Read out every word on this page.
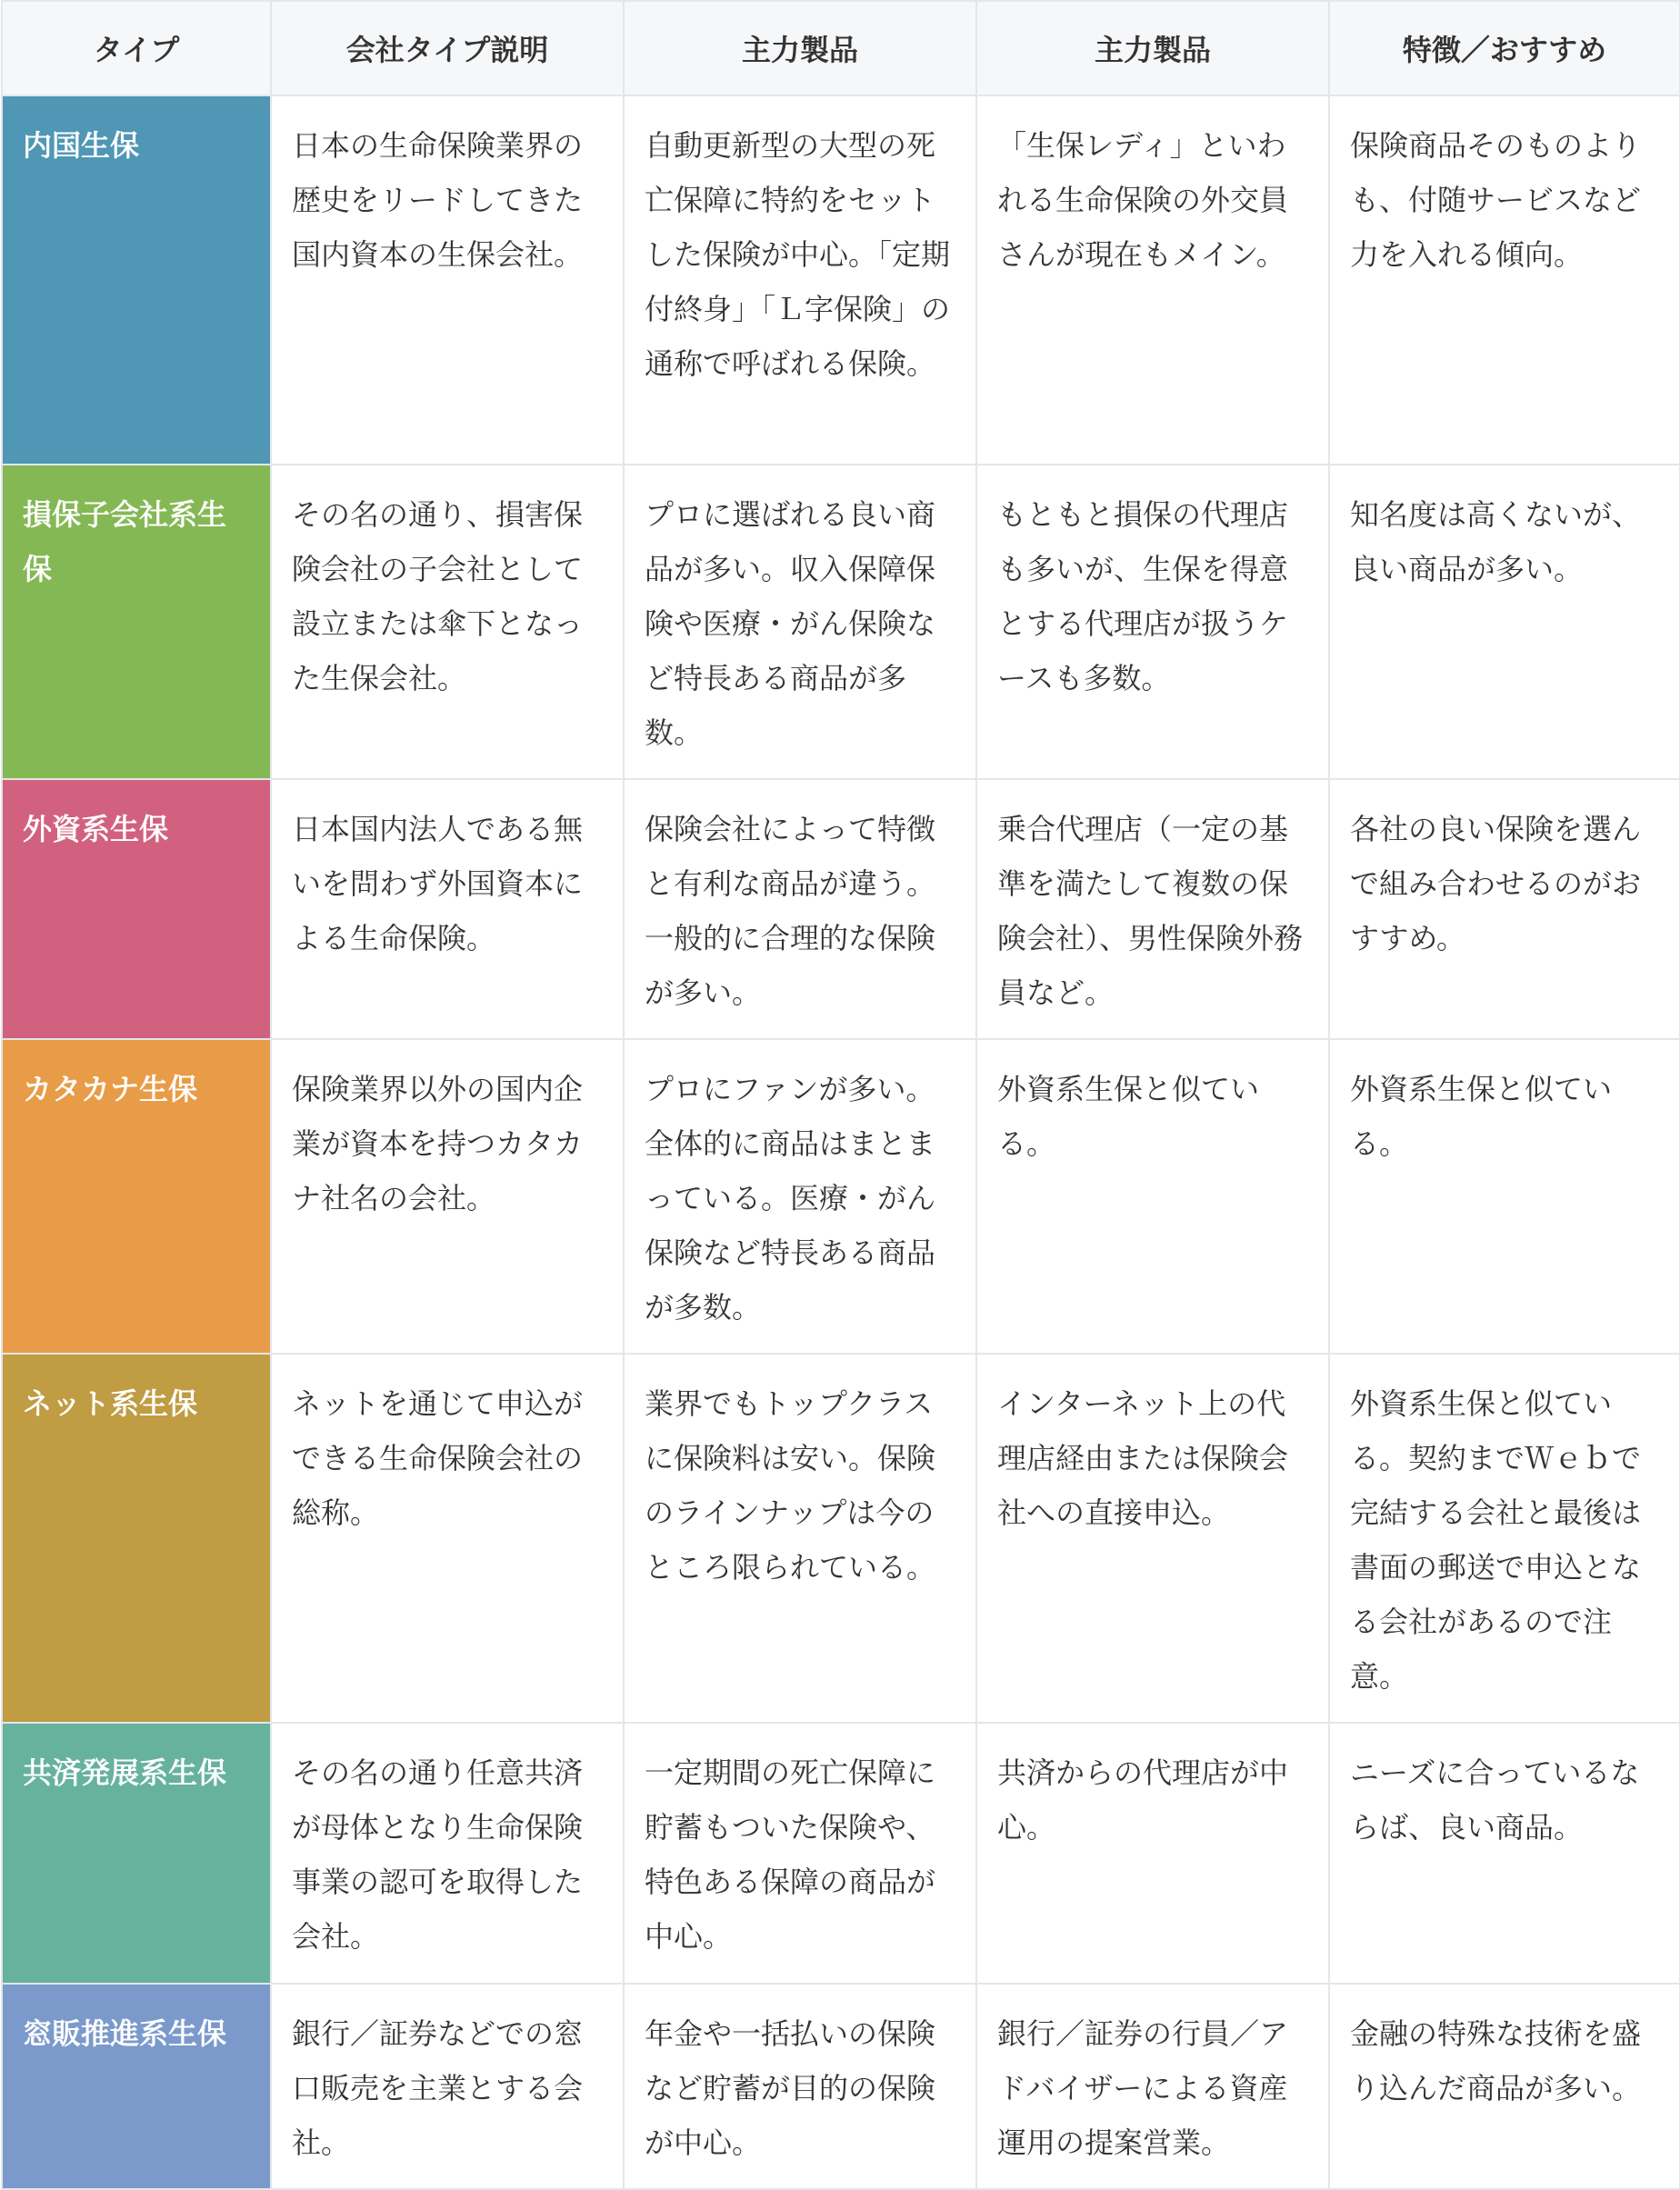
タイプ	会社タイプ説明	主力製品	主力製品	特徴／おすすめ
内国生保	日本の生命保険業界の歴史をリードしてきた国内資本の生保会社。	自動更新型の大型の死亡保障に特約をセットした保険が中心。「定期付終身」「Ｌ字保険」の通称で呼ばれる保険。	「生保レディ」といわれる生命保険の外交員さんが現在もメイン。	保険商品そのものよりも、付随サービスなど力を入れる傾向。
損保子会社系生保	その名の通り、損害保険会社の子会社として設立または傘下となった生保会社。	プロに選ばれる良い商品が多い。収入保障保険や医療・がん保険など特長ある商品が多数。	もともと損保の代理店も多いが、生保を得意とする代理店が扱うケースも多数。	知名度は高くないが、良い商品が多い。
外資系生保	日本国内法人である無いを問わず外国資本による生命保険。	保険会社によって特徴と有利な商品が違う。一般的に合理的な保険が多い。	乗合代理店（一定の基準を満たして複数の保険会社）、男性保険外務員など。	各社の良い保険を選んで組み合わせるのがおすすめ。
カタカナ生保	保険業界以外の国内企業が資本を持つカタカナ社名の会社。	プロにファンが多い。全体的に商品はまとまっている。医療・がん保険など特長ある商品が多数。	外資系生保と似ている。	外資系生保と似ている。
ネット系生保	ネットを通じて申込ができる生命保険会社の総称。	業界でもトップクラスに保険料は安い。保険のラインナップは今のところ限られている。	インターネット上の代理店経由または保険会社への直接申込。	外資系生保と似ている。契約までＷｅｂで完結する会社と最後は書面の郵送で申込となる会社があるので注意。
共済発展系生保	その名の通り任意共済が母体となり生命保険事業の認可を取得した会社。	一定期間の死亡保障に貯蓄もついた保険や、特色ある保障の商品が中心。	共済からの代理店が中心。	ニーズに合っているならば、良い商品。
窓販推進系生保	銀行／証券などでの窓口販売を主業とする会社。	年金や一括払いの保険など貯蓄が目的の保険が中心。	銀行／証券の行員／アドバイザーによる資産運用の提案営業。	金融の特殊な技術を盛り込んだ商品が多い。
